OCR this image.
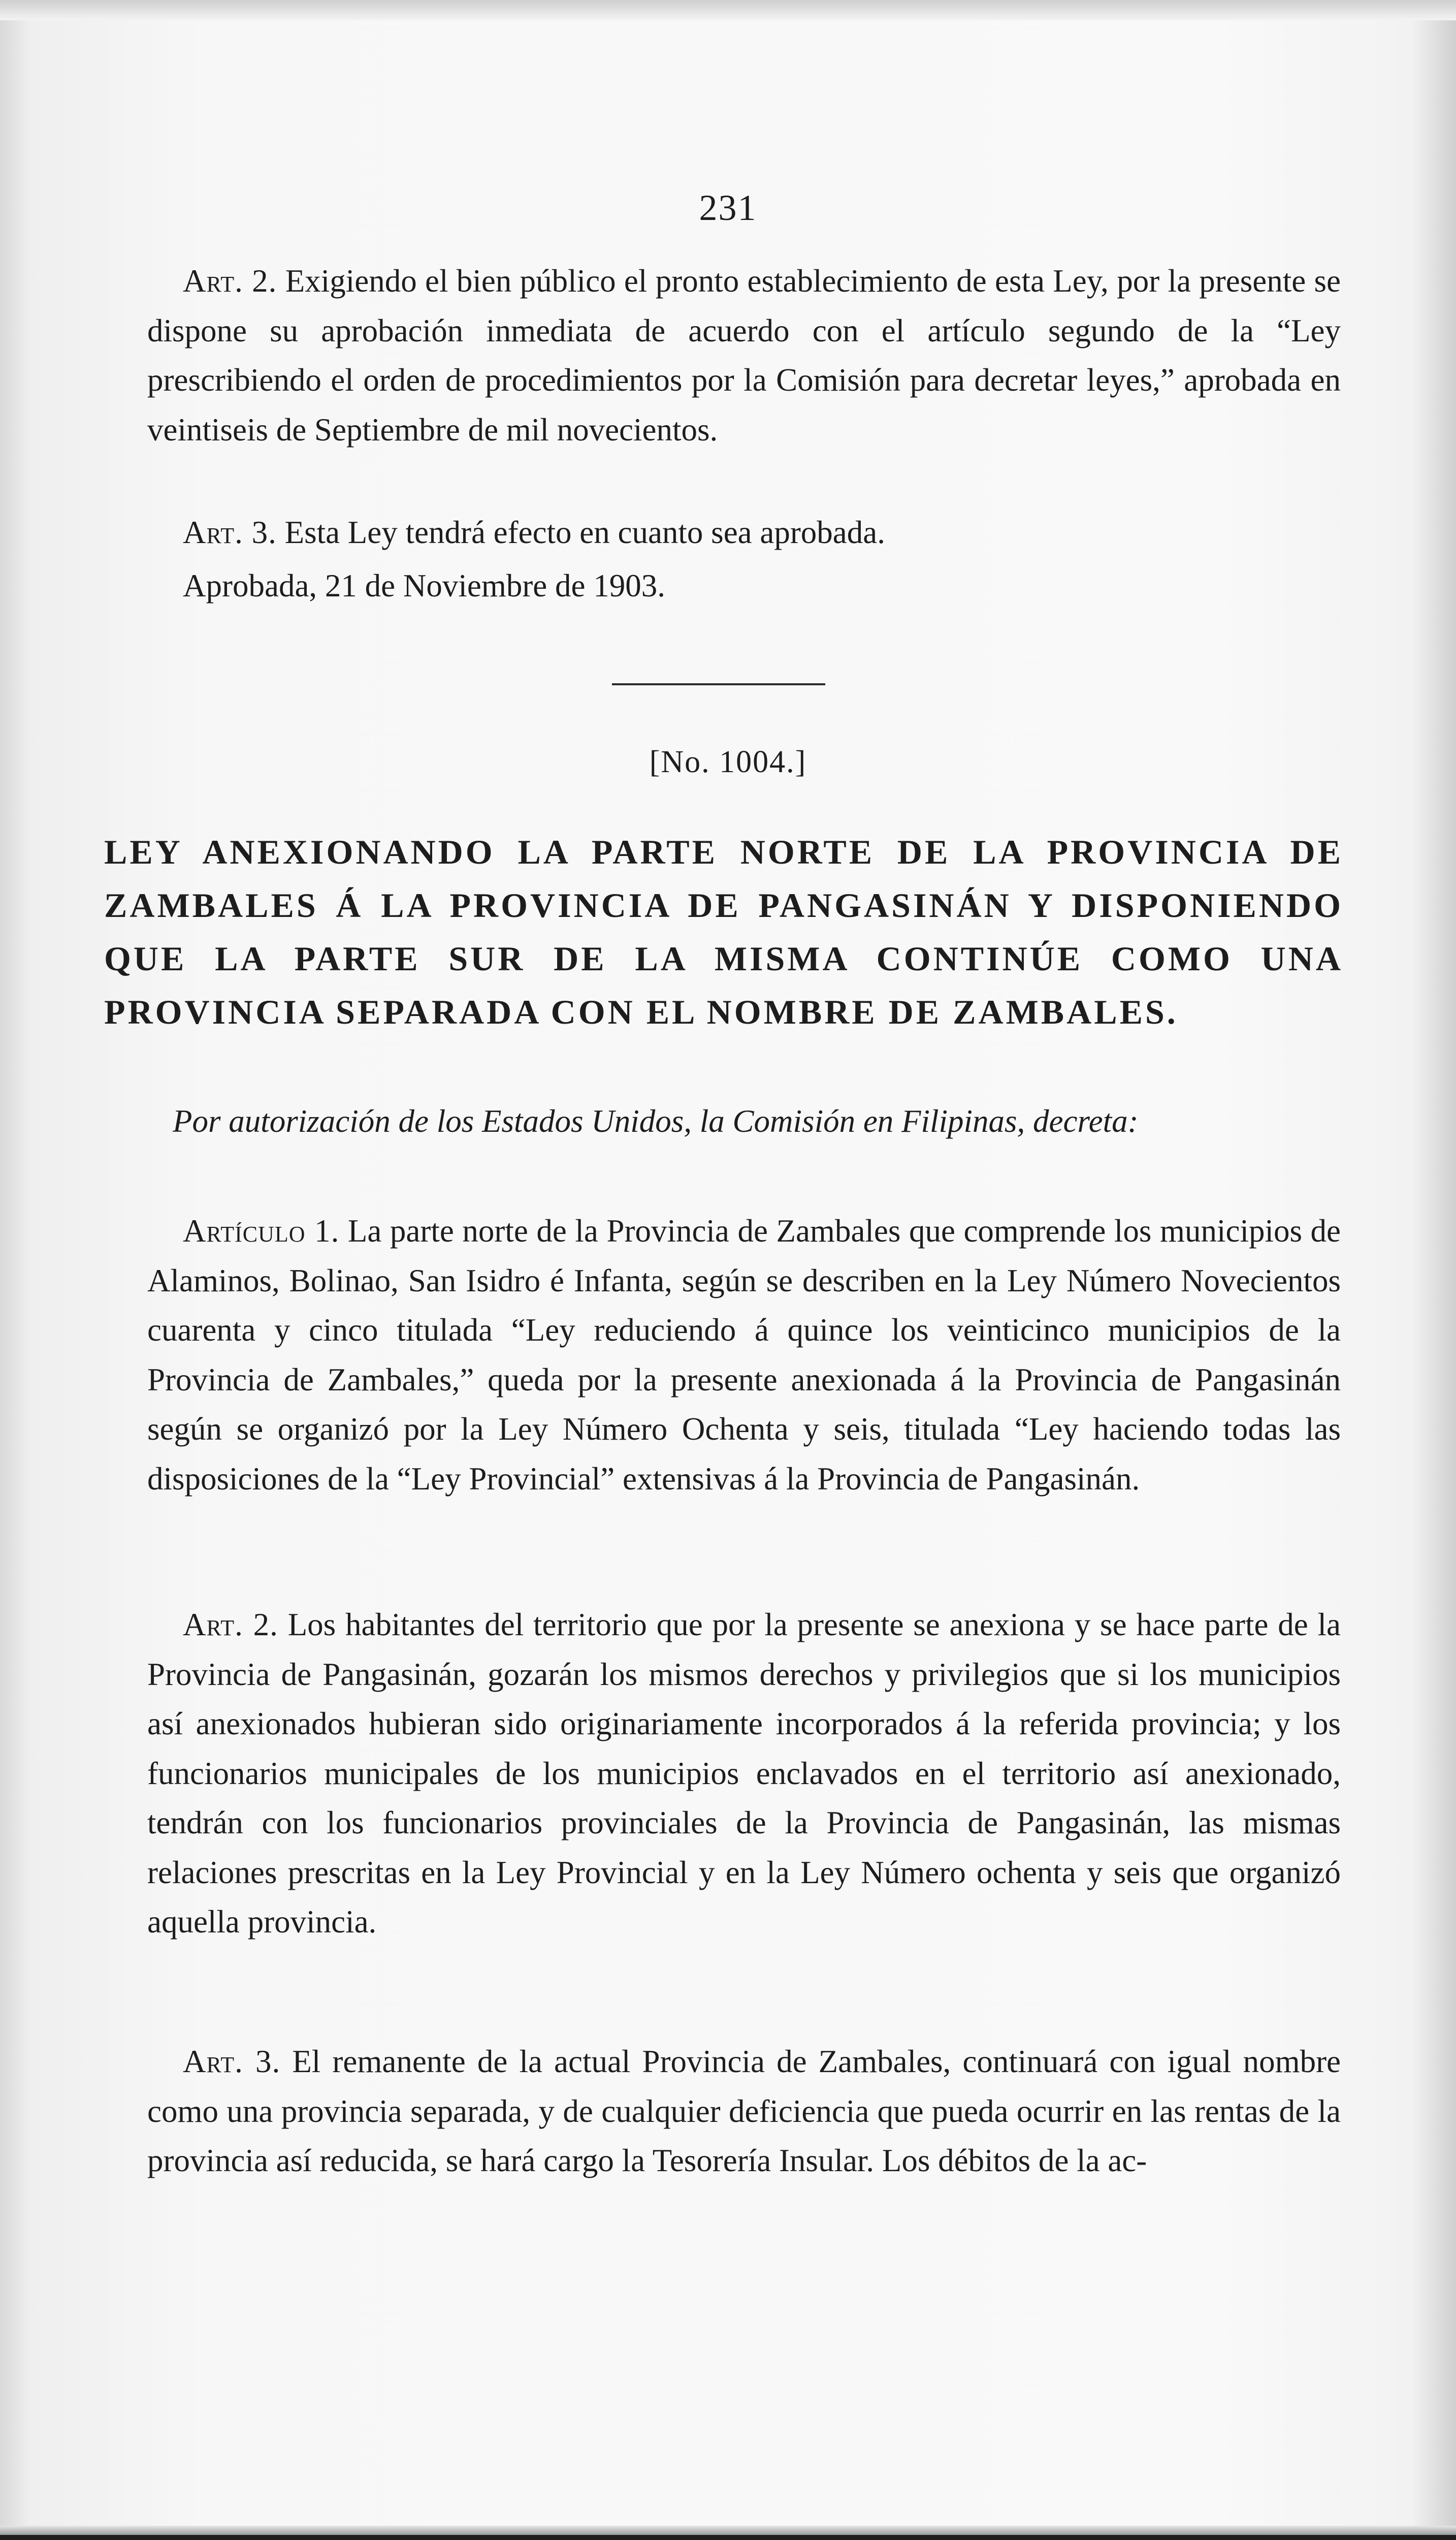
231

Art. 2. Exigiendo el bien público el pronto establecimiento de esta Ley, por la presente se dispone su aprobación inmediata de acuerdo con el artículo segundo de la “Ley prescribiendo el orden de procedimientos por la Comisión para decretar leyes,” aprobada en veintiseis de Septiembre de mil novecientos.

Art. 3. Esta Ley tendrá efecto en cuanto sea aprobada.

Aprobada, 21 de Noviembre de 1903.

[No. 1004.]

LEY ANEXIONANDO LA PARTE NORTE DE LA PROVINCIA DE ZAMBALES Á LA PROVINCIA DE PANGASINÁN Y DISPONIENDO QUE LA PARTE SUR DE LA MISMA CONTINÚE COMO UNA PROVINCIA SEPARADA CON EL NOMBRE DE ZAMBALES.

Por autorización de los Estados Unidos, la Comisión en Filipinas, decreta:

Artículo 1. La parte norte de la Provincia de Zambales que comprende los municipios de Alaminos, Bolinao, San Isidro é Infanta, según se describen en la Ley Número Novecientos cuarenta y cinco titulada “Ley reduciendo á quince los veinticinco municipios de la Provincia de Zambales,” queda por la presente anexionada á la Provincia de Pangasinán según se organizó por la Ley Número Ochenta y seis, titulada “Ley haciendo todas las disposiciones de la “Ley Provincial” extensivas á la Provincia de Pangasinán.

Art. 2. Los habitantes del territorio que por la presente se anexiona y se hace parte de la Provincia de Pangasinán, gozarán los mismos derechos y privilegios que si los municipios así anexionados hubieran sido originariamente incorporados á la referida provincia; y los funcionarios municipales de los municipios enclavados en el territorio así anexionado, tendrán con los funcionarios provinciales de la Provincia de Pangasinán, las mismas relaciones prescritas en la Ley Provincial y en la Ley Número ochenta y seis que organizó aquella provincia.

Art. 3. El remanente de la actual Provincia de Zambales, continuará con igual nombre como una provincia separada, y de cualquier deficiencia que pueda ocurrir en las rentas de la provincia así reducida, se hará cargo la Tesorería Insular. Los débitos de la ac-
